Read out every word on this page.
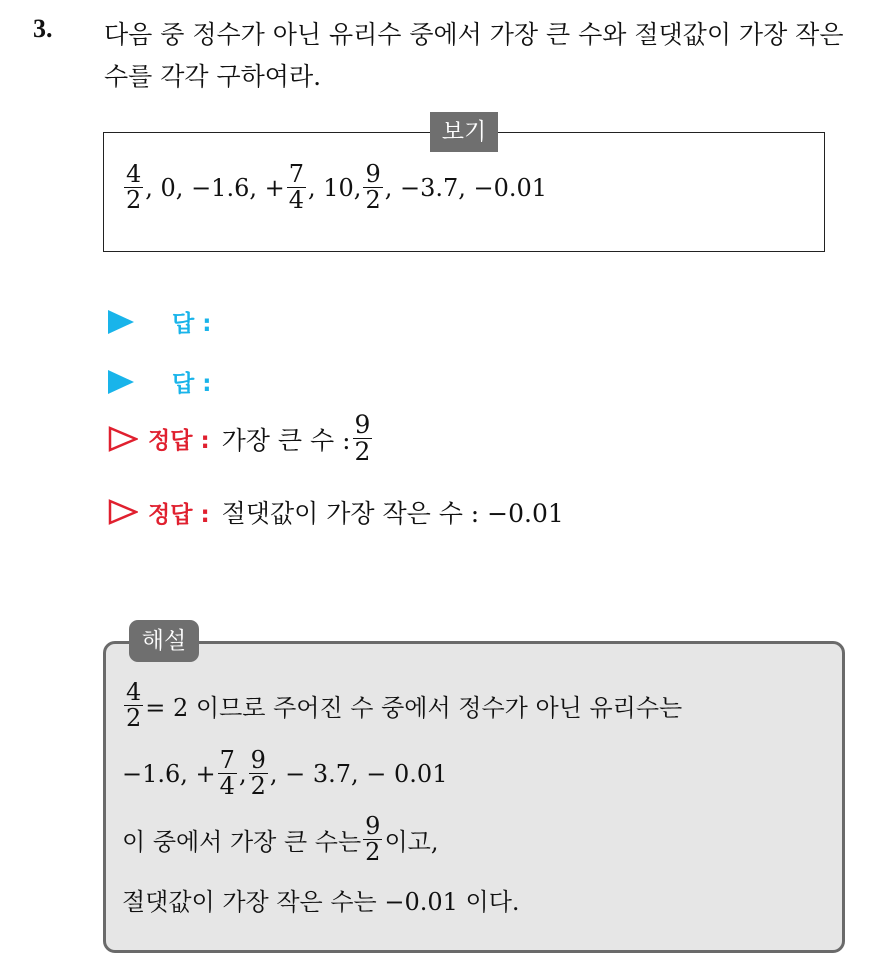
3. 다음 중 정수가 아닌 유리수 중에서 가장 큰 수와 절댓값이 가장 작은
수를 각각 구하여라.
보기
$\frac{4}{2}$ , 0, −1.6, + $\frac{7}{4}$ , 10, $\frac{9}{2}$ , −3.7, −0.01
답 :
답 :
정답 : 가장 큰 수 : $\frac{9}{2}$
정답 : 절댓값이 가장 작은 수 : −0.01
해설
$\frac{4}{2} = 2$ 이므로 주어진 수 중에서 정수가 아닌 유리수는
−1.6, + $\frac{7}{4}$ , $\frac{9}{2}$ , − 3.7, − 0.01
이 중에서 가장 큰 수는 $\frac{9}{2}$ 이고,
절댓값이 가장 작은 수는 −0.01 이다.
